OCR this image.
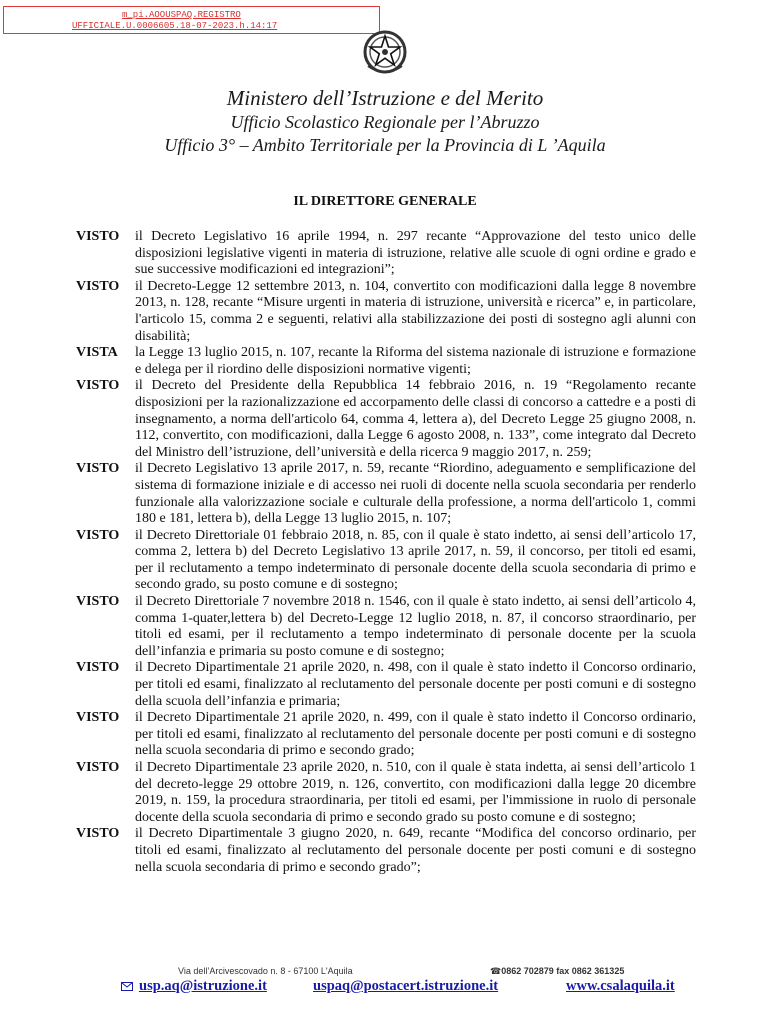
m_pi.AOOUSPAQ.REGISTRO
UFFICIALE.U.0006605.18-07-2023.h.14:17
Ministero dell’Istruzione e del Merito
Ufficio Scolastico Regionale per l’Abruzzo
Ufficio 3° – Ambito Territoriale per la Provincia di L ’Aquila
IL DIRETTORE GENERALE
VISTO	il Decreto Legislativo 16 aprile 1994, n. 297 recante “Approvazione del testo unico delle disposizioni legislative vigenti in materia di istruzione, relative alle scuole di ogni ordine e grado e sue successive modificazioni ed integrazioni”;
VISTO	il Decreto-Legge 12 settembre 2013, n. 104, convertito con modificazioni dalla legge 8 novembre 2013, n. 128, recante “Misure urgenti in materia di istruzione, università e ricerca” e, in particolare, l'articolo 15, comma 2 e seguenti, relativi alla stabilizzazione dei posti di sostegno agli alunni con disabilità;
VISTA	la Legge 13 luglio 2015, n. 107, recante la Riforma del sistema nazionale di istruzione e formazione e delega per il riordino delle disposizioni normative vigenti;
VISTO	il Decreto del Presidente della Repubblica 14 febbraio 2016, n. 19 “Regolamento recante disposizioni per la razionalizzazione ed accorpamento delle classi di concorso a cattedre e a posti di insegnamento, a norma dell'articolo 64, comma 4, lettera a), del Decreto Legge 25 giugno 2008, n. 112, convertito, con modificazioni, dalla Legge 6 agosto 2008, n. 133”, come integrato dal Decreto del Ministro dell’istruzione, dell’università e della ricerca 9 maggio 2017, n. 259;
VISTO	il Decreto Legislativo 13 aprile 2017, n. 59, recante “Riordino, adeguamento e semplificazione del sistema di formazione iniziale e di accesso nei ruoli di docente nella scuola secondaria per renderlo funzionale alla valorizzazione sociale e culturale della professione, a norma dell'articolo 1, commi 180 e 181, lettera b), della Legge 13 luglio 2015, n. 107;
VISTO	il Decreto Direttoriale 01 febbraio 2018, n. 85, con il quale è stato indetto, ai sensi dell’articolo 17, comma 2, lettera b) del Decreto Legislativo 13 aprile 2017, n. 59, il concorso, per titoli ed esami, per il reclutamento a tempo indeterminato di personale docente della scuola secondaria di primo e secondo grado, su posto comune e di sostegno;
VISTO	il Decreto Direttoriale 7 novembre 2018 n. 1546, con il quale è stato indetto, ai sensi dell’articolo 4, comma 1-quater,lettera b) del Decreto-Legge 12 luglio 2018, n. 87, il concorso straordinario, per titoli ed esami, per il reclutamento a tempo indeterminato di personale docente per la scuola dell’infanzia e primaria su posto comune e di sostegno;
VISTO	il Decreto Dipartimentale 21 aprile 2020, n. 498, con il quale è stato indetto il Concorso ordinario, per titoli ed esami, finalizzato al reclutamento del personale docente per posti comuni e di sostegno della scuola dell’infanzia e primaria;
VISTO	il Decreto Dipartimentale 21 aprile 2020, n. 499, con il quale è stato indetto il Concorso ordinario, per titoli ed esami, finalizzato al reclutamento del personale docente per posti comuni e di sostegno nella scuola secondaria di primo e secondo grado;
VISTO	il Decreto Dipartimentale 23 aprile 2020, n. 510, con il quale è stata indetta, ai sensi dell’articolo 1 del decreto-legge 29 ottobre 2019, n. 126, convertito, con modificazioni dalla legge 20 dicembre 2019, n. 159, la procedura straordinaria, per titoli ed esami, per l'immissione in ruolo di personale docente della scuola secondaria di primo e secondo grado su posto comune e di sostegno;
VISTO	il Decreto Dipartimentale 3 giugno 2020, n. 649, recante “Modifica del concorso ordinario, per titoli ed esami, finalizzato al reclutamento del personale docente per posti comuni e di sostegno nella scuola secondaria di primo e secondo grado”;
Via dell’Arcivescovado n. 8 - 67100 L'Aquila	☎0862 702879 fax 0862 361325
usp.aq@istruzione.it	uspaq@postacert.istruzione.it	www.csalaquila.it
